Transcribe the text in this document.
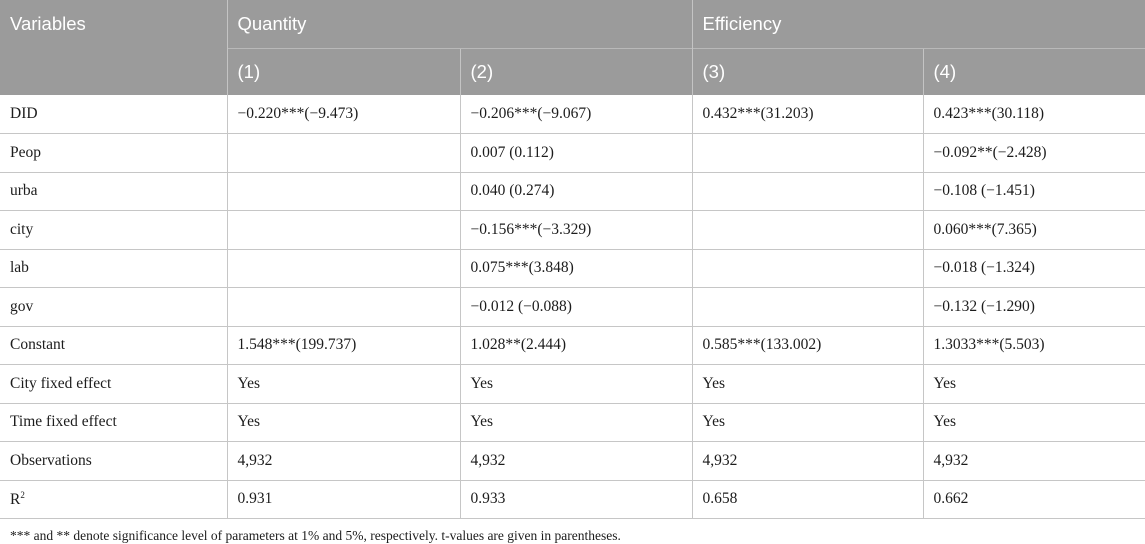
Variables	Quantity		Efficiency	
	(1)	(2)	(3)	(4)
DID	−0.220***(−9.473)	−0.206***(−9.067)	0.432***(31.203)	0.423***(30.118)
Peop		0.007 (0.112)		−0.092**(−2.428)
urba		0.040 (0.274)		−0.108 (−1.451)
city		−0.156***(−3.329)		0.060***(7.365)
lab		0.075***(3.848)		−0.018 (−1.324)
gov		−0.012 (−0.088)		−0.132 (−1.290)
Constant	1.548***(199.737)	1.028**(2.444)	0.585***(133.002)	1.3033***(5.503)
City fixed effect	Yes	Yes	Yes	Yes
Time fixed effect	Yes	Yes	Yes	Yes
Observations	4,932	4,932	4,932	4,932
$R^2$	0.931	0.933	0.658	0.662
*** and ** denote significance level of parameters at 1% and 5%, respectively. t-values are given in parentheses.
